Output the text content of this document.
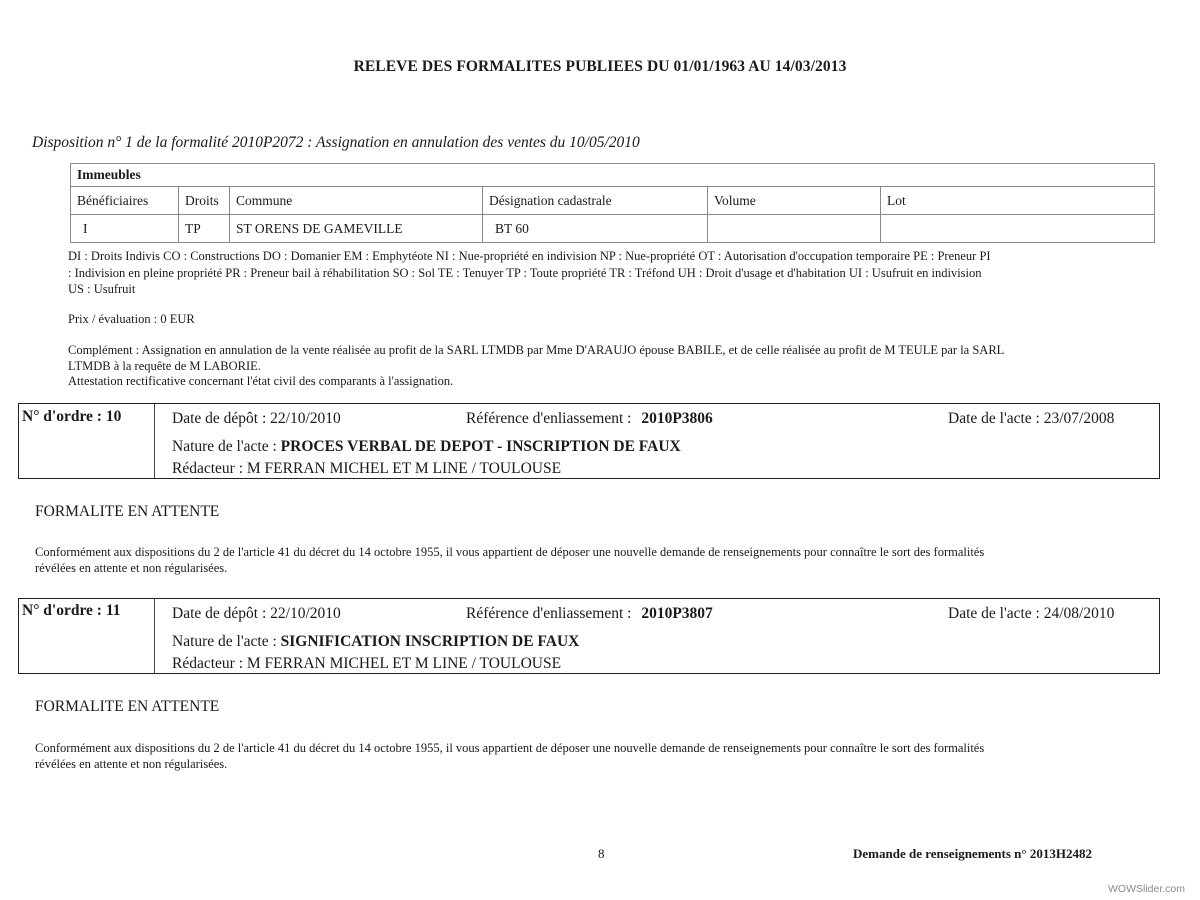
RELEVE DES FORMALITES PUBLIEES DU 01/01/1963 AU 14/03/2013
Disposition n° 1 de la formalité 2010P2072 : Assignation en annulation des ventes du 10/05/2010
Immeubles					
Bénéficiaires	Droits	Commune	Désignation cadastrale	Volume	Lot
I	TP	ST ORENS DE GAMEVILLE	BT 60		
DI : Droits Indivis CO : Constructions DO : Domanier EM : Emphytéote NI : Nue-propriété en indivision NP : Nue-propriété OT : Autorisation d'occupation temporaire PE : Preneur PI
: Indivision en pleine propriété PR : Preneur bail à réhabilitation SO : Sol TE : Tenuyer TP : Toute propriété TR : Tréfond UH : Droit d'usage et d'habitation UI : Usufruit en indivision
US : Usufruit
Prix / évaluation : 0 EUR
Complément : Assignation en annulation de la vente réalisée au profit de la SARL LTMDB par Mme D'ARAUJO épouse BABILE, et de celle réalisée au profit de M TEULE par la SARL
LTMDB à la requête de M LABORIE.
Attestation rectificative concernant l'état civil des comparants à l'assignation.
N° d'ordre : 10	Date de dépôt : 22/10/2010	Référence d'enliassement : 2010P3806	Date de l'acte : 23/07/2008
Nature de l'acte : PROCES VERBAL DE DEPOT - INSCRIPTION DE FAUX
Rédacteur : M FERRAN MICHEL ET M LINE / TOULOUSE
FORMALITE EN ATTENTE
Conformément aux dispositions du 2 de l'article 41 du décret du 14 octobre 1955, il vous appartient de déposer une nouvelle demande de renseignements pour connaître le sort des formalités
révélées en attente et non régularisées.
N° d'ordre : 11	Date de dépôt : 22/10/2010	Référence d'enliassement : 2010P3807	Date de l'acte : 24/08/2010
Nature de l'acte : SIGNIFICATION INSCRIPTION DE FAUX
Rédacteur : M FERRAN MICHEL ET M LINE / TOULOUSE
FORMALITE EN ATTENTE
Conformément aux dispositions du 2 de l'article 41 du décret du 14 octobre 1955, il vous appartient de déposer une nouvelle demande de renseignements pour connaître le sort des formalités
révélées en attente et non régularisées.
8	Demande de renseignements n° 2013H2482
WOWSlider.com
